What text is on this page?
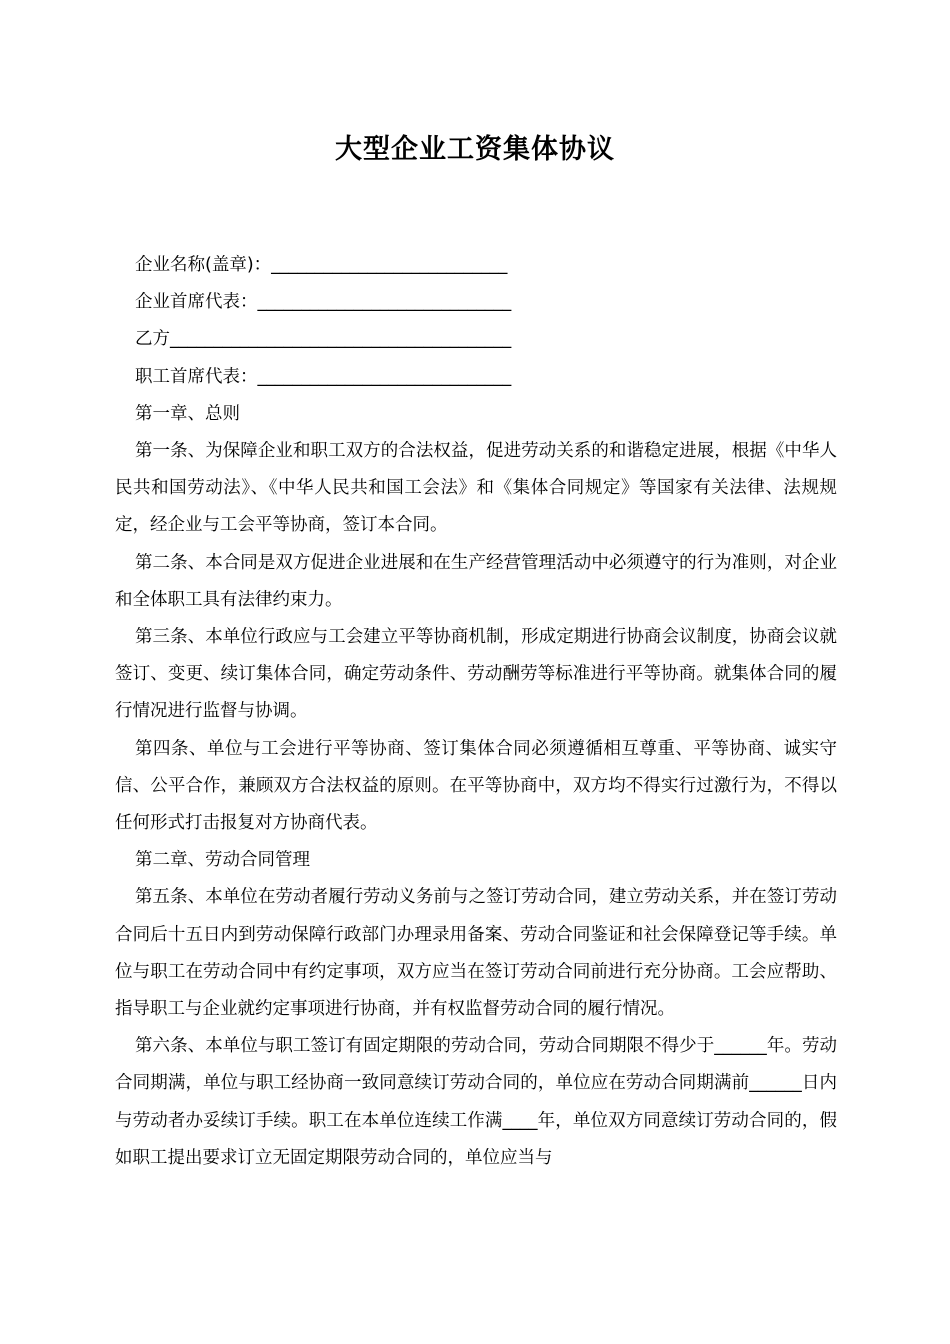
大型企业工资集体协议
企业名称(盖章)：___________________________
企业首席代表：_____________________________
乙方_______________________________________
职工首席代表：_____________________________
第一章、总则

第一条、为保障企业和职工双方的合法权益，促进劳动关系的和谐稳定进展，根据《中华人民共和国劳动法》、《中华人民共和国工会法》和《集体合同规定》等国家有关法律、法规规定，经企业与工会平等协商，签订本合同。

第二条、本合同是双方促进企业进展和在生产经营管理活动中必须遵守的行为准则，对企业和全体职工具有法律约束力。

第三条、本单位行政应与工会建立平等协商机制，形成定期进行协商会议制度，协商会议就签订、变更、续订集体合同，确定劳动条件、劳动酬劳等标准进行平等协商。就集体合同的履行情况进行监督与协调。

第四条、单位与工会进行平等协商、签订集体合同必须遵循相互尊重、平等协商、诚实守信、公平合作，兼顾双方合法权益的原则。在平等协商中，双方均不得实行过激行为，不得以任何形式打击报复对方协商代表。

第二章、劳动合同管理

第五条、本单位在劳动者履行劳动义务前与之签订劳动合同，建立劳动关系，并在签订劳动合同后十五日内到劳动保障行政部门办理录用备案、劳动合同鉴证和社会保障登记等手续。单位与职工在劳动合同中有约定事项，双方应当在签订劳动合同前进行充分协商。工会应帮助、指导职工与企业就约定事项进行协商，并有权监督劳动合同的履行情况。

第六条、本单位与职工签订有固定期限的劳动合同，劳动合同期限不得少于______年。劳动合同期满，单位与职工经协商一致同意续订劳动合同的，单位应在劳动合同期满前______日内与劳动者办妥续订手续。职工在本单位连续工作满____年，单位双方同意续订劳动合同的，假如职工提出要求订立无固定期限劳动合同的，单位应当与
